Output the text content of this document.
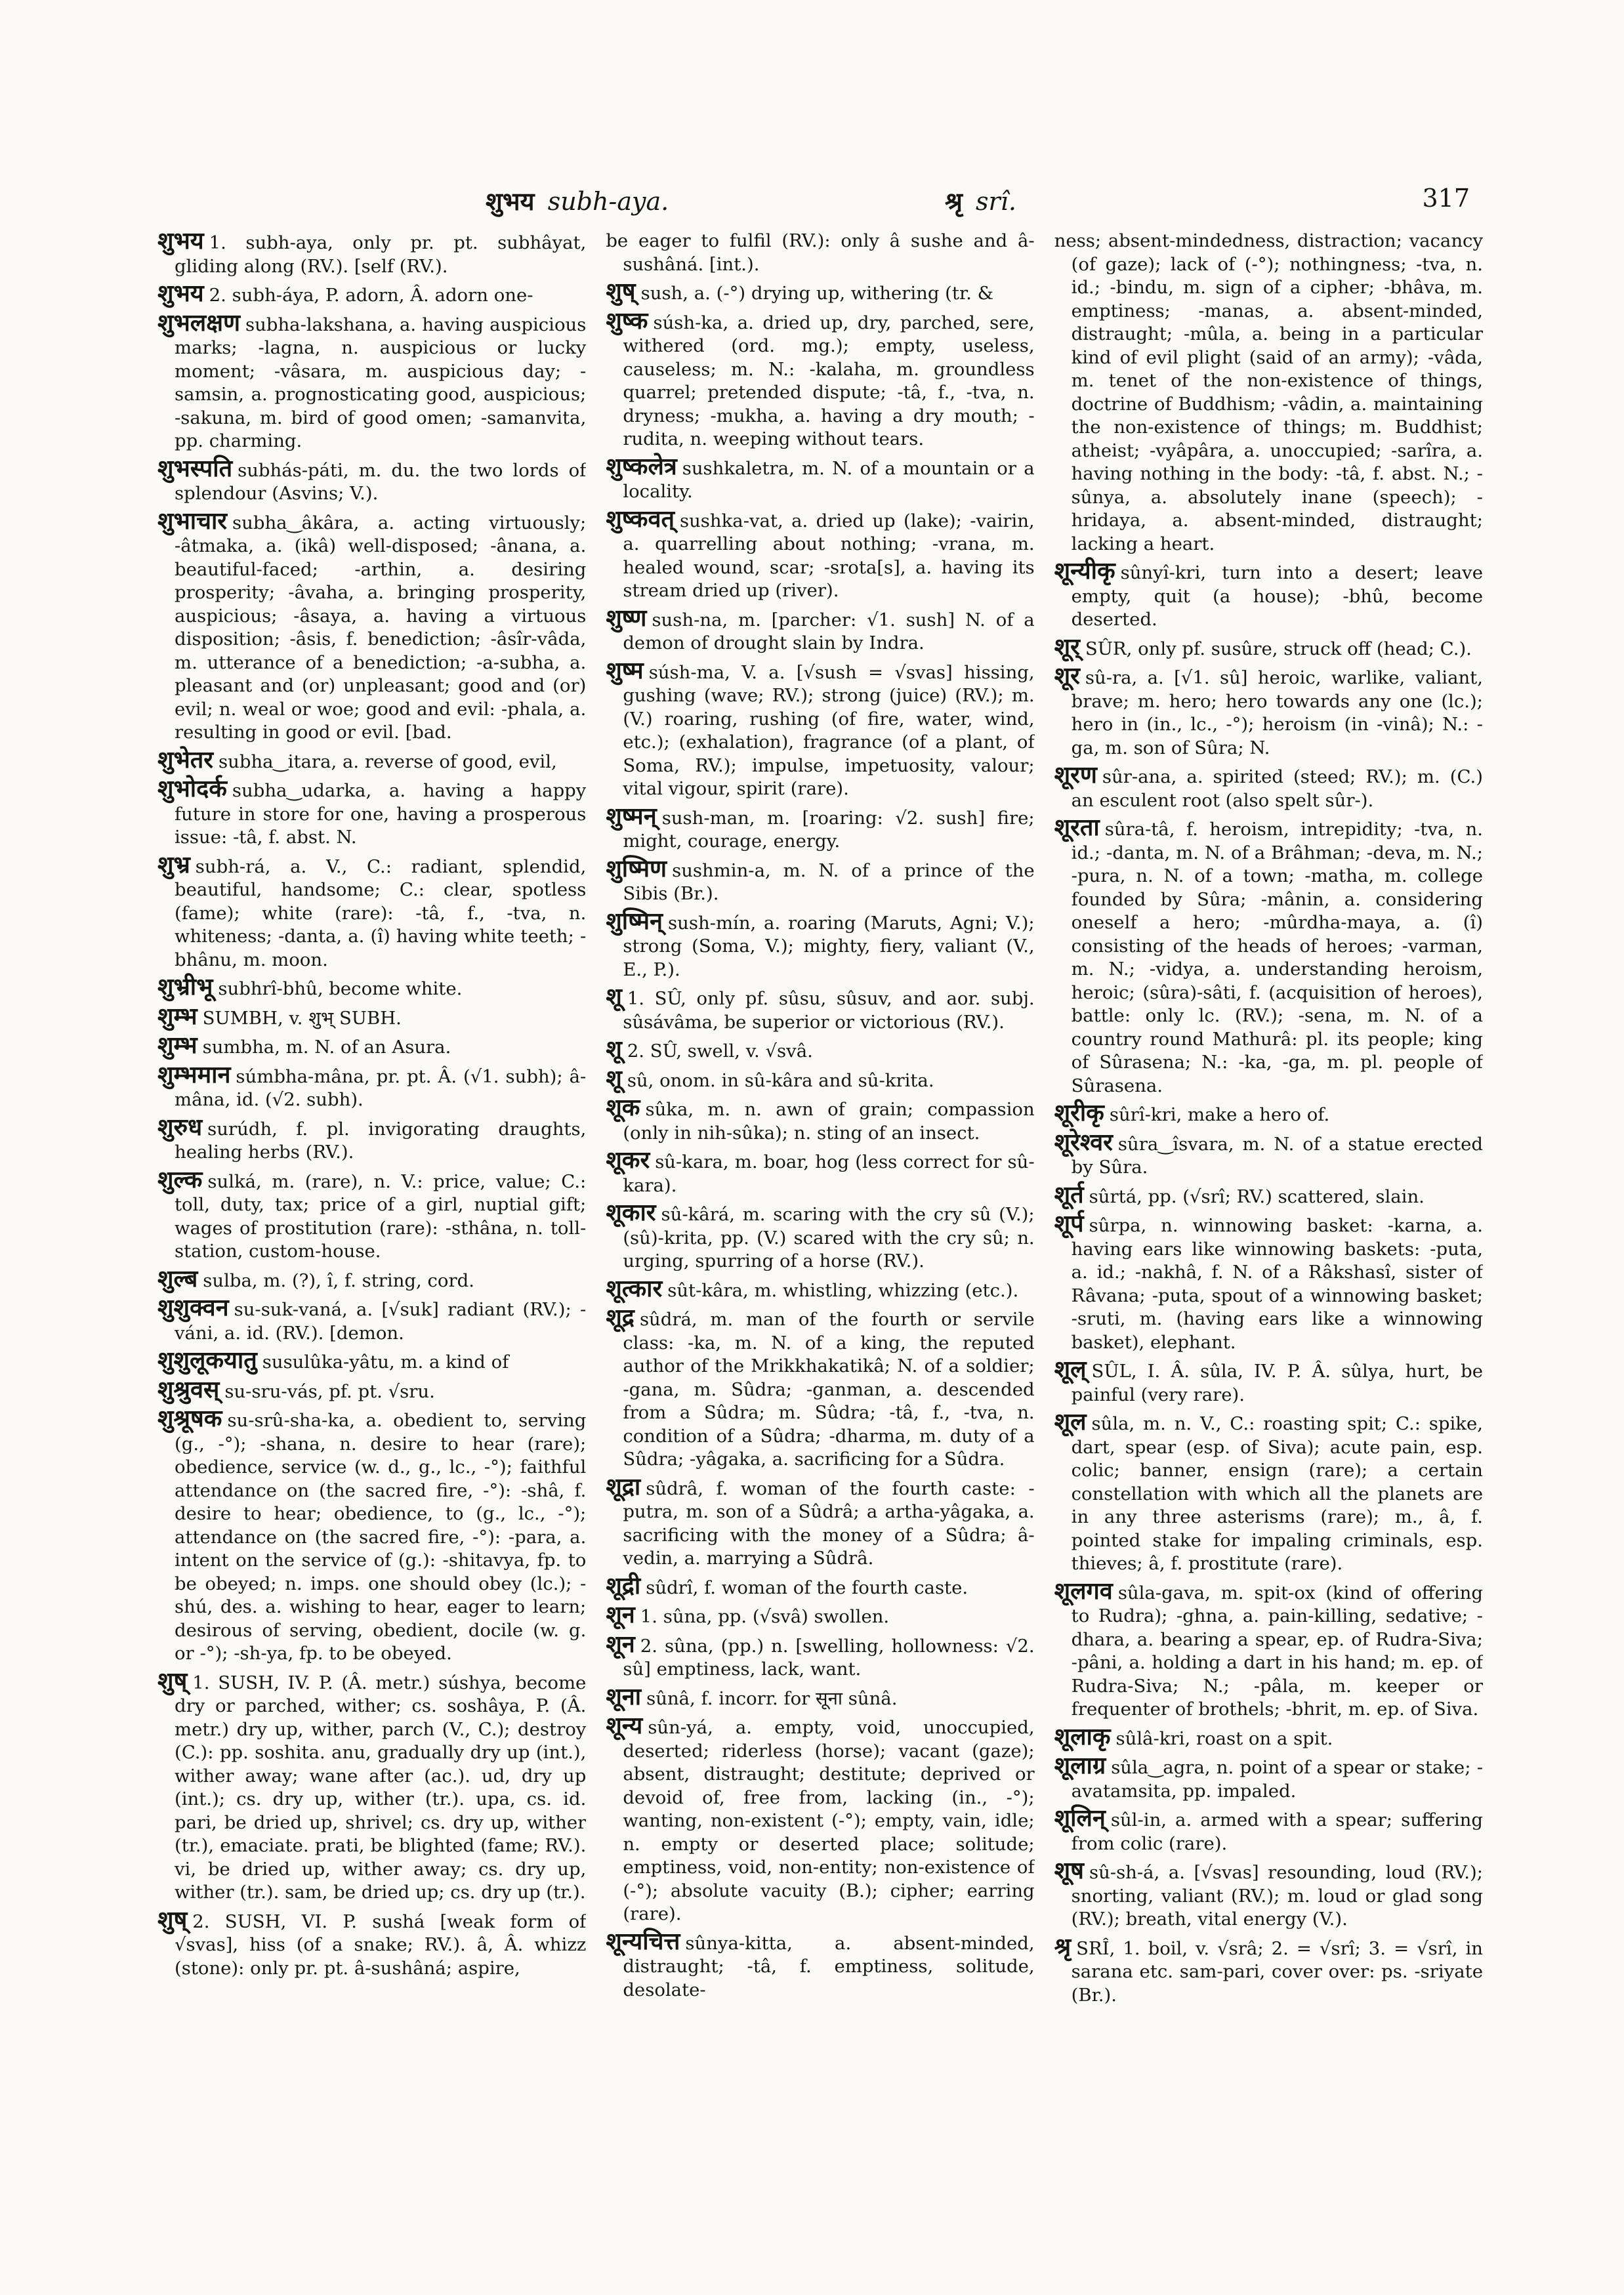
शुभय subh-aya.	श्रृ srî.	317

शुभय 1. subh-aya, only pr. pt. subhâyat, gliding along (RV.). [self (RV.).

शुभय 2. subh-áya, P. adorn, Â. adorn one-

शुभलक्षण subha-lakshana, a. having auspicious marks; -lagna, n. auspicious or lucky moment; -vâsara, m. auspicious day; -samsin, a. prognosticating good, auspicious; -sakuna, m. bird of good omen; -samanvita, pp. charming.

शुभस्पति subhás-páti, m. du. the two lords of splendour (Asvins; V.).

शुभाचार subha‿âkâra, a. acting virtuously; -âtmaka, a. (ikâ) well-disposed; -ânana, a. beautiful-faced; -arthin, a. desiring prosperity; -âvaha, a. bringing prosperity, auspicious; -âsaya, a. having a virtuous disposition; -âsis, f. benediction; -âsîr-vâda, m. utterance of a benediction; -a-subha, a. pleasant and (or) unpleasant; good and (or) evil; n. weal or woe; good and evil: -phala, a. resulting in good or evil. [bad.

शुभेतर subha‿itara, a. reverse of good, evil,

शुभोदर्क subha‿udarka, a. having a happy future in store for one, having a prosperous issue: -tâ, f. abst. N.

शुभ्र subh-rá, a. V., C.: radiant, splendid, beautiful, handsome; C.: clear, spotless (fame); white (rare): -tâ, f., -tva, n. whiteness; -danta, a. (î) having white teeth; -bhânu, m. moon.

शुभ्रीभू subhrî-bhû, become white.

शुम्भ SUMBH, v. शुभ् SUBH.

शुम्भ sumbha, m. N. of an Asura.

शुम्भमान súmbha-mâna, pr. pt. Â. (√1. subh); â-mâna, id. (√2. subh).

शुरुध surúdh, f. pl. invigorating draughts, healing herbs (RV.).

शुल्क sulká, m. (rare), n. V.: price, value; C.: toll, duty, tax; price of a girl, nuptial gift; wages of prostitution (rare): -sthâna, n. toll-station, custom-house.

शुल्ब sulba, m. (?), î, f. string, cord.

शुशुक्वन su-suk-vaná, a. [√suk] radiant (RV.); -váni, a. id. (RV.). [demon.

शुशुलूकयातु susulûka-yâtu, m. a kind of

शुश्रुवस् su-sru-vás, pf. pt. √sru.

शुश्रूषक su-srû-sha-ka, a. obedient to, serving (g., -°); -shana, n. desire to hear (rare); obedience, service (w. d., g., lc., -°); faithful attendance on (the sacred fire, -°): -shâ, f. desire to hear; obedience, to (g., lc., -°); attendance on (the sacred fire, -°): -para, a. intent on the service of (g.): -shitavya, fp. to be obeyed; n. imps. one should obey (lc.); -shú, des. a. wishing to hear, eager to learn; desirous of serving, obedient, docile (w. g. or -°); -sh-ya, fp. to be obeyed.

शुष् 1. SUSH, IV. P. (Â. metr.) súshya, become dry or parched, wither; cs. soshâya, P. (Â. metr.) dry up, wither, parch (V., C.); destroy (C.): pp. soshita. anu, gradually dry up (int.), wither away; wane after (ac.). ud, dry up (int.); cs. dry up, wither (tr.). upa, cs. id. pari, be dried up, shrivel; cs. dry up, wither (tr.), emaciate. prati, be blighted (fame; RV.). vi, be dried up, wither away; cs. dry up, wither (tr.). sam, be dried up; cs. dry up (tr.).

शुष् 2. SUSH, VI. P. sushá [weak form of √svas], hiss (of a snake; RV.). â, Â. whizz (stone): only pr. pt. â-sushâná; aspire,

be eager to fulfil (RV.): only â sushe and â-sushâná. [int.).

शुष् sush, a. (-°) drying up, withering (tr. &

शुष्क súsh-ka, a. dried up, dry, parched, sere, withered (ord. mg.); empty, useless, causeless; m. N.: -kalaha, m. groundless quarrel; pretended dispute; -tâ, f., -tva, n. dryness; -mukha, a. having a dry mouth; -rudita, n. weeping without tears.

शुष्कलेत्र sushkaletra, m. N. of a mountain or a locality.

शुष्कवत् sushka-vat, a. dried up (lake); -vairin, a. quarrelling about nothing; -vrana, m. healed wound, scar; -srota[s], a. having its stream dried up (river).

शुष्ण sush-na, m. [parcher: √1. sush] N. of a demon of drought slain by Indra.

शुष्म súsh-ma, V. a. [√sush = √svas] hissing, gushing (wave; RV.); strong (juice) (RV.); m. (V.) roaring, rushing (of fire, water, wind, etc.); (exhalation), fragrance (of a plant, of Soma, RV.); impulse, impetuosity, valour; vital vigour, spirit (rare).

शुष्मन् sush-man, m. [roaring: √2. sush] fire; might, courage, energy.

शुष्मिण sushmin-a, m. N. of a prince of the Sibis (Br.).

शुष्मिन् sush-mín, a. roaring (Maruts, Agni; V.); strong (Soma, V.); mighty, fiery, valiant (V., E., P.).

शू 1. SÛ, only pf. sûsu, sûsuv, and aor. subj. sûsávâma, be superior or victorious (RV.).

शू 2. SÛ, swell, v. √svâ.

शू sû, onom. in sû-kâra and sû-krita.

शूक sûka, m. n. awn of grain; compassion (only in nih-sûka); n. sting of an insect.

शूकर sû-kara, m. boar, hog (less correct for sû-kara).

शूकार sû-kârá, m. scaring with the cry sû (V.); (sû)-krita, pp. (V.) scared with the cry sû; n. urging, spurring of a horse (RV.).

शूत्कार sût-kâra, m. whistling, whizzing (etc.).

शूद्र sûdrá, m. man of the fourth or servile class: -ka, m. N. of a king, the reputed author of the Mrikkhakatikâ; N. of a soldier; -gana, m. Sûdra; -ganman, a. descended from a Sûdra; m. Sûdra; -tâ, f., -tva, n. condition of a Sûdra; -dharma, m. duty of a Sûdra; -yâgaka, a. sacrificing for a Sûdra.

शूद्रा sûdrâ, f. woman of the fourth caste: -putra, m. son of a Sûdrâ; a artha-yâgaka, a. sacrificing with the money of a Sûdra; â-vedin, a. marrying a Sûdrâ.

शूद्री sûdrî, f. woman of the fourth caste.

शून 1. sûna, pp. (√svâ) swollen.

शून 2. sûna, (pp.) n. [swelling, hollowness: √2. sû] emptiness, lack, want.

शूना sûnâ, f. incorr. for सूना sûnâ.

शून्य sûn-yá, a. empty, void, unoccupied, deserted; riderless (horse); vacant (gaze); absent, distraught; destitute; deprived or devoid of, free from, lacking (in., -°); wanting, non-existent (-°); empty, vain, idle; n. empty or deserted place; solitude; emptiness, void, non-entity; non-existence of (-°); absolute vacuity (B.); cipher; earring (rare).

शून्यचित्त sûnya-kitta, a. absent-minded, distraught; -tâ, f. emptiness, solitude, desolate-

ness; absent-mindedness, distraction; vacancy (of gaze); lack of (-°); nothingness; -tva, n. id.; -bindu, m. sign of a cipher; -bhâva, m. emptiness; -manas, a. absent-minded, distraught; -mûla, a. being in a particular kind of evil plight (said of an army); -vâda, m. tenet of the non-existence of things, doctrine of Buddhism; -vâdin, a. maintaining the non-existence of things; m. Buddhist; atheist; -vyâpâra, a. unoccupied; -sarîra, a. having nothing in the body: -tâ, f. abst. N.; -sûnya, a. absolutely inane (speech); -hridaya, a. absent-minded, distraught; lacking a heart.

शून्यीकृ sûnyî-kri, turn into a desert; leave empty, quit (a house); -bhû, become deserted.

शूर् SÛR, only pf. susûre, struck off (head; C.).

शूर sû-ra, a. [√1. sû] heroic, warlike, valiant, brave; m. hero; hero towards any one (lc.); hero in (in., lc., -°); heroism (in -vinâ); N.: -ga, m. son of Sûra; N.

शूरण sûr-ana, a. spirited (steed; RV.); m. (C.) an esculent root (also spelt sûr-).

शूरता sûra-tâ, f. heroism, intrepidity; -tva, n. id.; -danta, m. N. of a Brâhman; -deva, m. N.; -pura, n. N. of a town; -matha, m. college founded by Sûra; -mânin, a. considering oneself a hero; -mûrdha-maya, a. (î) consisting of the heads of heroes; -varman, m. N.; -vidya, a. understanding heroism, heroic; (sûra)-sâti, f. (acquisition of heroes), battle: only lc. (RV.); -sena, m. N. of a country round Mathurâ: pl. its people; king of Sûrasena; N.: -ka, -ga, m. pl. people of Sûrasena.

शूरीकृ sûrî-kri, make a hero of.

शूरेश्वर sûra‿îsvara, m. N. of a statue erected by Sûra.

शूर्त sûrtá, pp. (√srî; RV.) scattered, slain.

शूर्प sûrpa, n. winnowing basket: -karna, a. having ears like winnowing baskets: -puta, a. id.; -nakhâ, f. N. of a Râkshasî, sister of Râvana; -puta, spout of a winnowing basket; -sruti, m. (having ears like a winnowing basket), elephant.

शूल् SÛL, I. Â. sûla, IV. P. Â. sûlya, hurt, be painful (very rare).

शूल sûla, m. n. V., C.: roasting spit; C.: spike, dart, spear (esp. of Siva); acute pain, esp. colic; banner, ensign (rare); a certain constellation with which all the planets are in any three asterisms (rare); m., â, f. pointed stake for impaling criminals, esp. thieves; â, f. prostitute (rare).

शूलगव sûla-gava, m. spit-ox (kind of offering to Rudra); -ghna, a. pain-killing, sedative; -dhara, a. bearing a spear, ep. of Rudra-Siva; -pâni, a. holding a dart in his hand; m. ep. of Rudra-Siva; N.; -pâla, m. keeper or frequenter of brothels; -bhrit, m. ep. of Siva.

शूलाकृ sûlâ-kri, roast on a spit.

शूलाग्र sûla‿agra, n. point of a spear or stake; -avatamsita, pp. impaled.

शूलिन् sûl-in, a. armed with a spear; suffering from colic (rare).

शूष sû-sh-á, a. [√svas] resounding, loud (RV.); snorting, valiant (RV.); m. loud or glad song (RV.); breath, vital energy (V.).

श्रृ SRÎ, 1. boil, v. √srâ; 2. = √srî; 3. = √srî, in sarana etc. sam-pari, cover over: ps. -sriyate (Br.).
